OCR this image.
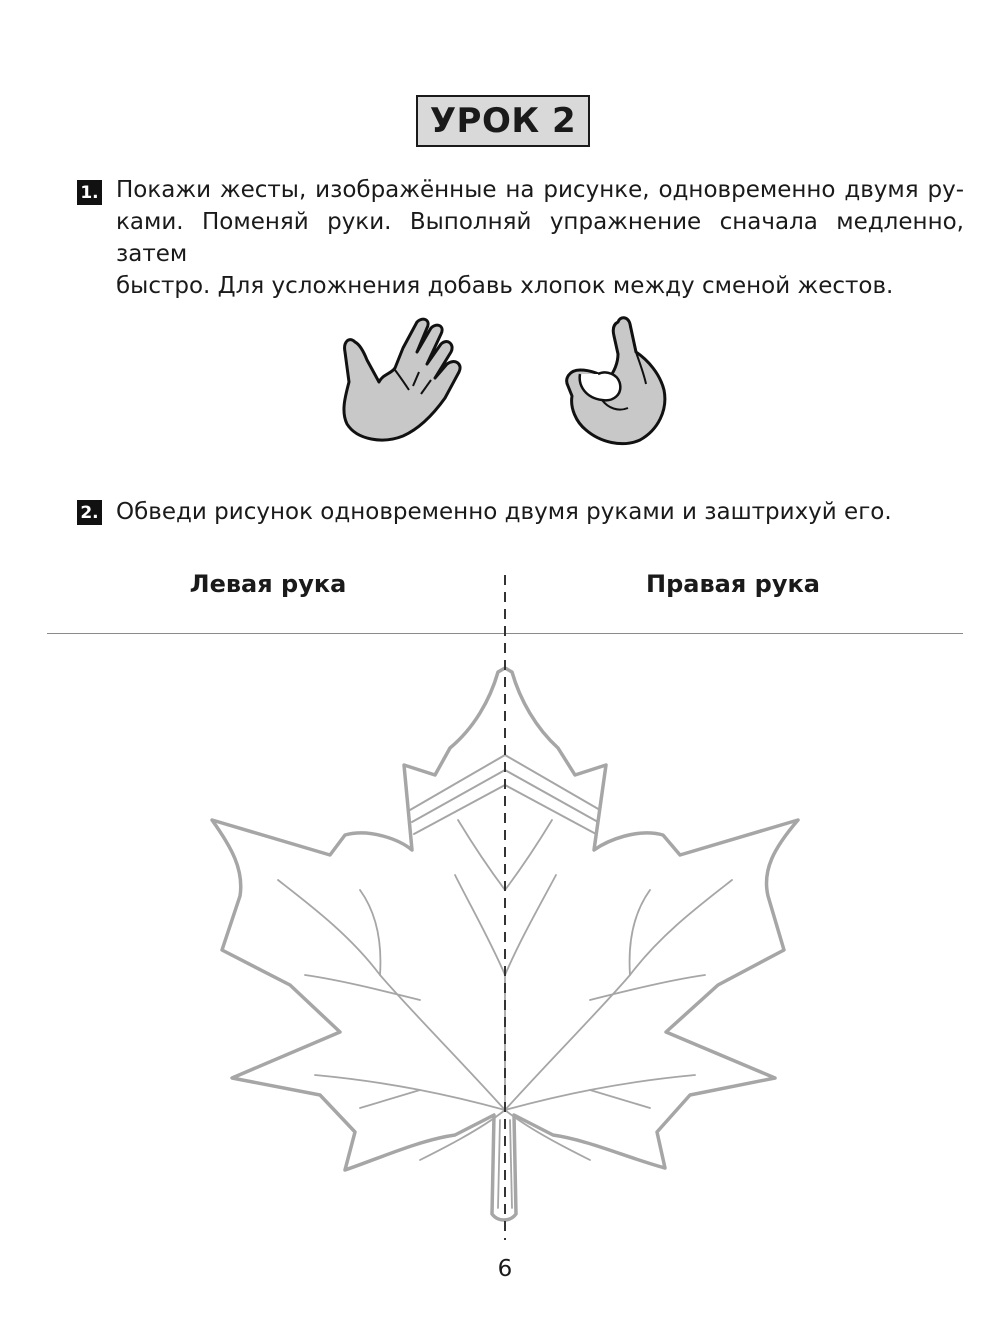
УРОК 2
1. Покажи жесты, изображённые на рисунке, одновременно двумя ру-
ками. Поменяй руки. Выполняй упражнение сначала медленно, затем
быстро. Для усложнения добавь хлопок между сменой жестов.
2. Обведи рисунок одновременно двумя руками и заштрихуй его.
Левая рука	Правая рука
6
